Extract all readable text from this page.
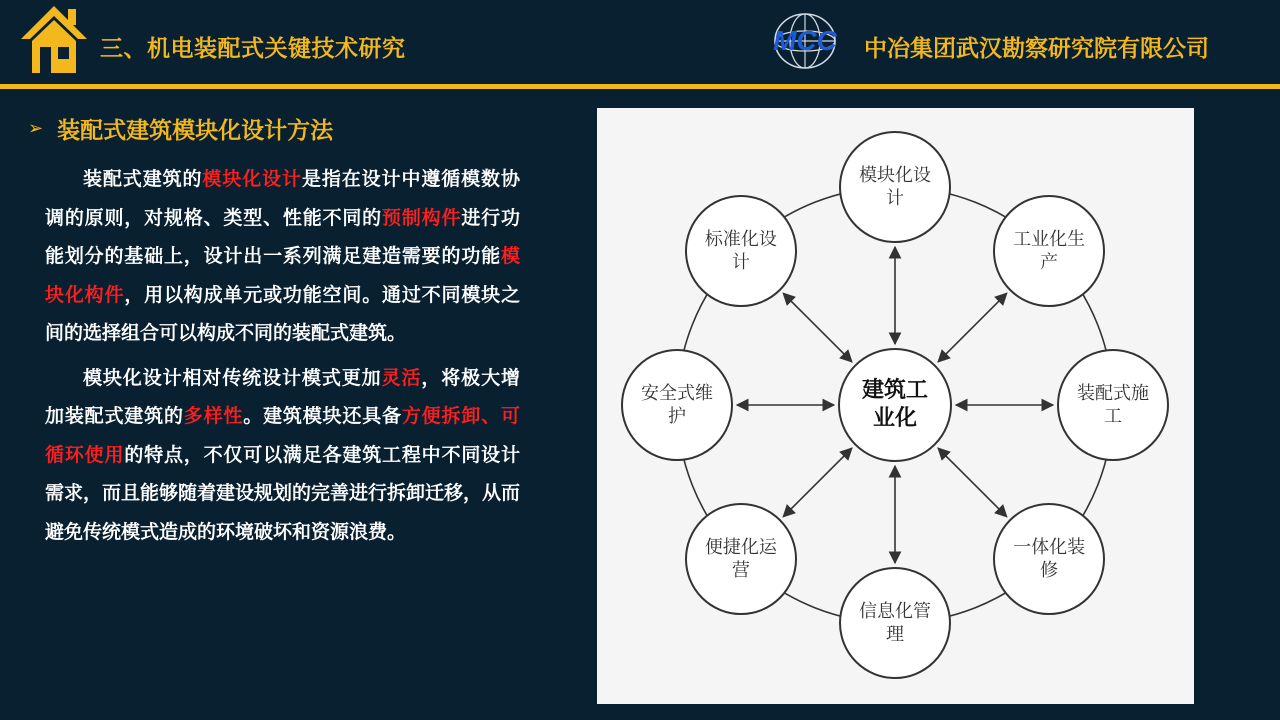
三、机电装配式关键技术研究	MCC 中冶集团武汉勘察研究院有限公司
➢ 装配式建筑模块化设计方法

装配式建筑的模块化设计是指在设计中遵循模数协调的原则，对规格、类型、性能不同的预制构件进行功能划分的基础上，设计出一系列满足建造需要的功能模块化构件，用以构成单元或功能空间。通过不同模块之间的选择组合可以构成不同的装配式建筑。

模块化设计相对传统设计模式更加灵活，将极大增加装配式建筑的多样性。建筑模块还具备方便拆卸、可循环使用的特点，不仅可以满足各建筑工程中不同设计需求，而且能够随着建设规划的完善进行拆卸迁移，从而避免传统模式造成的环境破坏和资源浪费。

建筑工业化
模块化设计
工业化生产
装配式施工
一体化装修
信息化管理
便捷化运营
安全式维护
标准化设计
